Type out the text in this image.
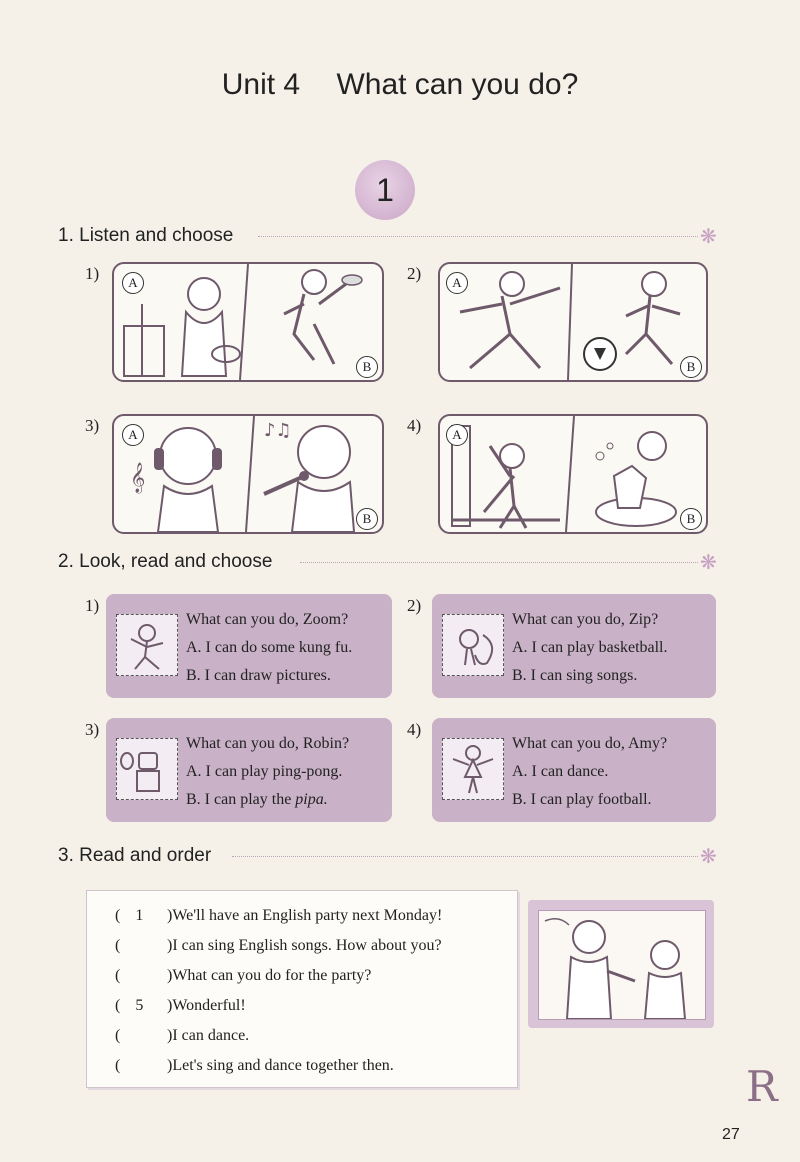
Unit 4 What can you do?
1
1. Listen and choose	❋
1)	A
B
2)	A
B
3)
𝄞
♪♫
A
B
4)	A
B
2. Look, read and choose	❋
1)
What can you do, Zoom?
A. I can do some kung fu.
B. I can draw pictures.
2)
What can you do, Zip?
A. I can play basketball.
B. I can sing songs.
3)
What can you do, Robin?
A. I can play ping-pong.
B. I can play the pipa.
4)
What can you do, Amy?
A. I can dance.
B. I can play football.
3. Read and order	❋
(  1 )We'll have an English party next Monday!
(  )I can sing English songs. How about you?
(  )What can you do for the party?
(  5 )Wonderful!
(  )I can dance.
(  )Let's sing and dance together then.	R
27
